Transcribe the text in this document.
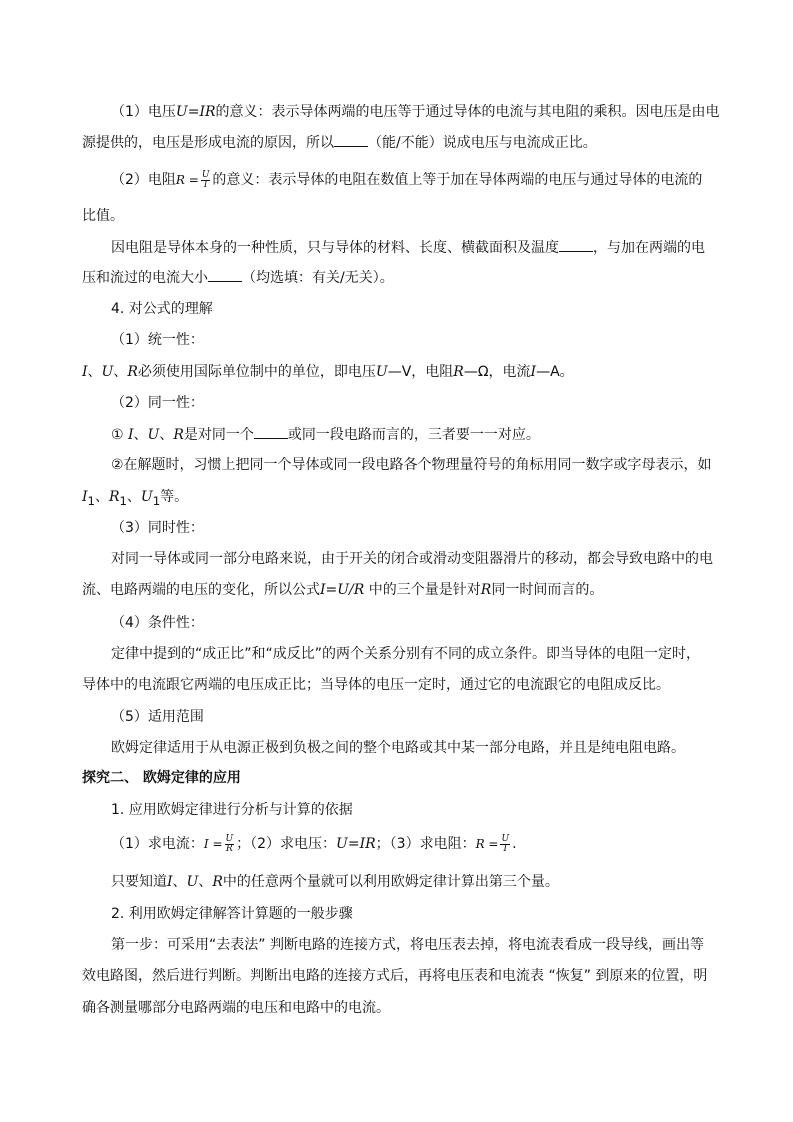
（1）电压U=IR的意义：表示导体两端的电压等于通过导体的电流与其电阻的乘积。因电压是由电
源提供的，电压是形成电流的原因，所以 （能/不能）说成电压与电流成正比。
（2）电阻$R = \frac{U}{I}$ 的意义：表示导体的电阻在数值上等于加在导体两端的电压与通过导体的电流的
比值。
因电阻是导体本身的一种性质，只与导体的材料、长度、横截面积及温度 ，与加在两端的电
压和流过的电流大小 （均选填：有关/无关）。
4. 对公式的理解
（1）统一性：
I、U、R必须使用国际单位制中的单位，即电压U—V，电阻R—Ω，电流I—A。
（2）同一性：
① I、U、R是对同一个 或同一段电路而言的，三者要一一对应。
②在解题时，习惯上把同一个导体或同一段电路各个物理量符号的角标用同一数字或字母表示，如
$I_1$、$R_1$、$U_1$等。
（3）同时性：
对同一导体或同一部分电路来说，由于开关的闭合或滑动变阻器滑片的移动，都会导致电路中的电
流、电路两端的电压的变化，所以公式I=U/R 中的三个量是针对R同一时间而言的。
（4）条件性：
定律中提到的“成正比”和“成反比”的两个关系分别有不同的成立条件。即当导体的电阻一定时，
导体中的电流跟它两端的电压成正比；当导体的电压一定时，通过它的电流跟它的电阻成反比。
（5）适用范围
欧姆定律适用于从电源正极到负极之间的整个电路或其中某一部分电路，并且是纯电阻电路。
探究二、 欧姆定律的应用
1. 应用欧姆定律进行分析与计算的依据
（1）求电流：$I = \frac{U}{R}$ ；（2）求电压：U=IR；（3）求电阻：$R = \frac{U}{I}$ .
只要知道I、U、R中的任意两个量就可以利用欧姆定律计算出第三个量。
2. 利用欧姆定律解答计算题的一般步骤
第一步：可采用“去表法” 判断电路的连接方式，将电压表去掉，将电流表看成一段导线，画出等
效电路图，然后进行判断。判断出电路的连接方式后，再将电压表和电流表 “恢复” 到原来的位置，明
确各测量哪部分电路两端的电压和电路中的电流。
